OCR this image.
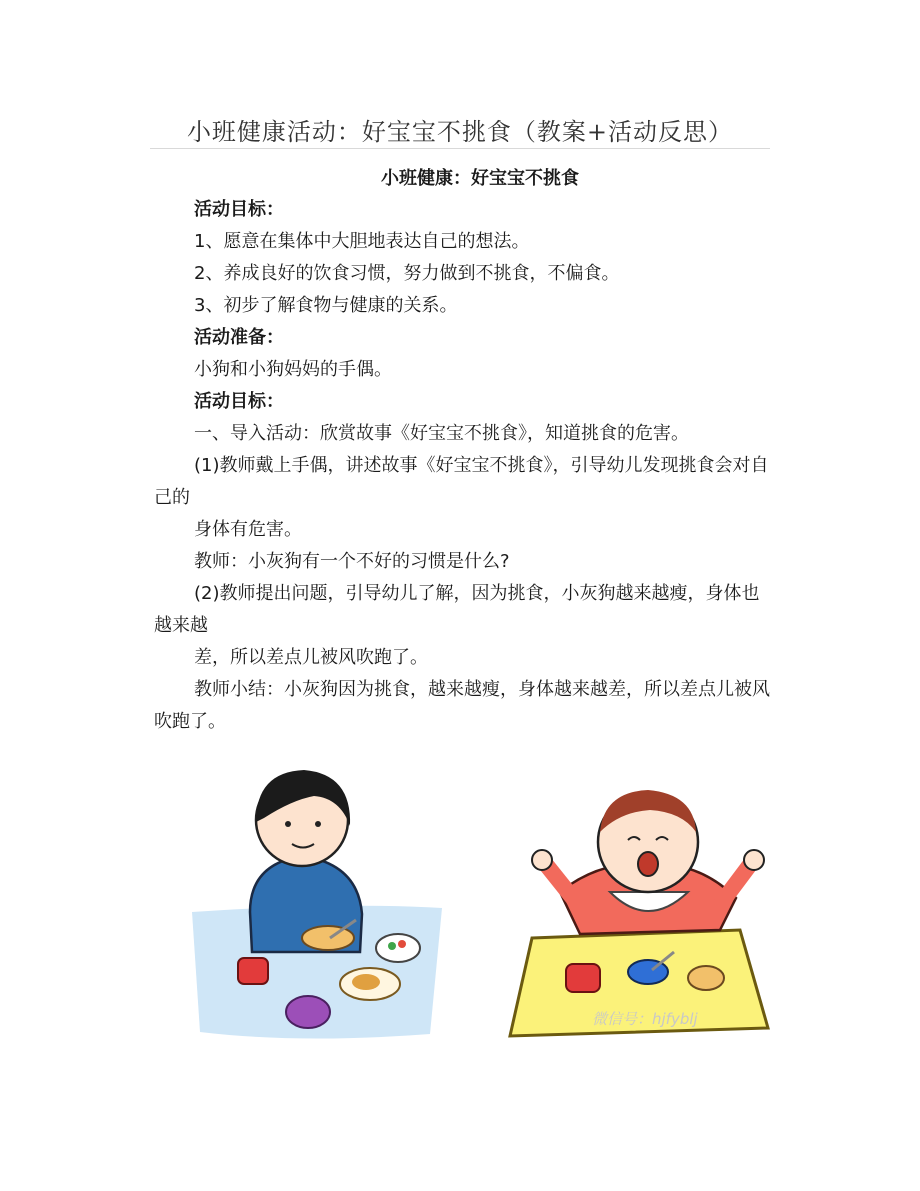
小班健康活动：好宝宝不挑食（教案+活动反思）
小班健康：好宝宝不挑食

活动目标：

1、愿意在集体中大胆地表达自己的想法。

2、养成良好的饮食习惯，努力做到不挑食，不偏食。

3、初步了解食物与健康的关系。

活动准备：

小狗和小狗妈妈的手偶。

活动目标：

一、导入活动：欣赏故事《好宝宝不挑食》，知道挑食的危害。

(1)教师戴上手偶，讲述故事《好宝宝不挑食》，引导幼儿发现挑食会对自己的

身体有危害。

教师：小灰狗有一个不好的习惯是什么?

(2)教师提出问题，引导幼儿了解，因为挑食，小灰狗越来越瘦，身体也越来越

差，所以差点儿被风吹跑了。

教师小结：小灰狗因为挑食，越来越瘦，身体越来越差，所以差点儿被风吹跑了。

微信号：hjfyblj
